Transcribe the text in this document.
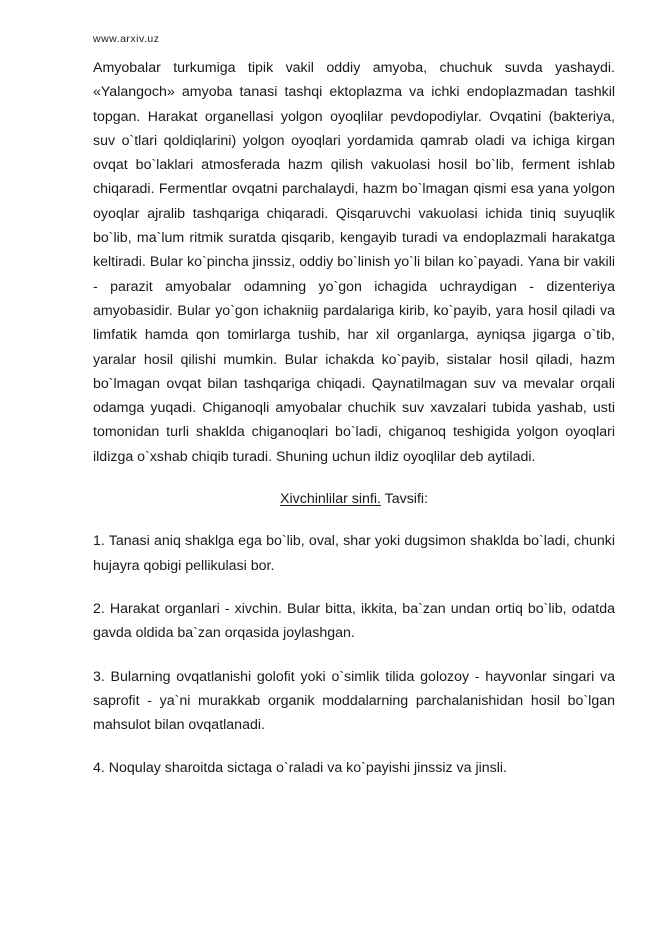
www.arxiv.uz

Amyobalar turkumiga tipik vakil oddiy amyoba, chuchuk suvda yashaydi. «Yalangoch» amyoba tanasi tashqi ektoplazma va ichki endoplazmadan tashkil topgan. Harakat organellasi yolgon oyoqlilar pevdopodiylar. Ovqatini (bakteriya, suv o`tlari qoldiqlarini) yolgon oyoqlari yordamida qamrab oladi va ichiga kirgan ovqat bo`laklari atmosferada hazm qilish vakuolasi hosil bo`lib, ferment ishlab chiqaradi. Fermentlar ovqatni parchalaydi, hazm bo`lmagan qismi esa yana yolgon oyoqlar ajralib tashqariga chiqaradi. Qisqaruvchi vakuolasi ichida tiniq suyuqlik bo`lib, ma`lum ritmik suratda qisqarib, kengayib turadi va endoplazmali harakatga keltiradi. Bular ko`pincha jinssiz, oddiy bo`linish yo`li bilan ko`payadi. Yana bir vakili - parazit amyobalar odamning yo`gon ichagida uchraydigan - dizenteriya amyobasidir. Bular yo`gon ichakniig pardalariga kirib, ko`payib, yara hosil qiladi va limfatik hamda qon tomirlarga tushib, har xil organlarga, ayniqsa jigarga o`tib, yaralar hosil qilishi mumkin. Bular ichakda ko`payib, sistalar hosil qiladi, hazm bo`lmagan ovqat bilan tashqariga chiqadi. Qaynatilmagan suv va mevalar orqali odamga yuqadi. Chiganoqli amyobalar chuchik suv xavzalari tubida yashab, usti tomonidan turli shaklda chiganoqlari bo`ladi, chiganoq teshigida yolgon oyoqlari ildizga o`xshab chiqib turadi. Shuning uchun ildiz oyoqlilar deb aytiladi.

Xivchinlilar sinfi. Tavsifi:

1. Tanasi aniq shaklga ega bo`lib, oval, shar yoki dugsimon shaklda bo`ladi, chunki hujayra qobigi pellikulasi bor.

2. Harakat organlari - xivchin. Bular bitta, ikkita, ba`zan undan ortiq bo`lib, odatda gavda oldida ba`zan orqasida joylashgan.

3. Bularning ovqatlanishi golofit yoki o`simlik tilida golozoy - hayvonlar singari va saprofit - ya`ni murakkab organik moddalarning parchalanishidan hosil bo`lgan mahsulot bilan ovqatlanadi.

4. Noqulay sharoitda sictaga o`raladi va ko`payishi jinssiz va jinsli.
